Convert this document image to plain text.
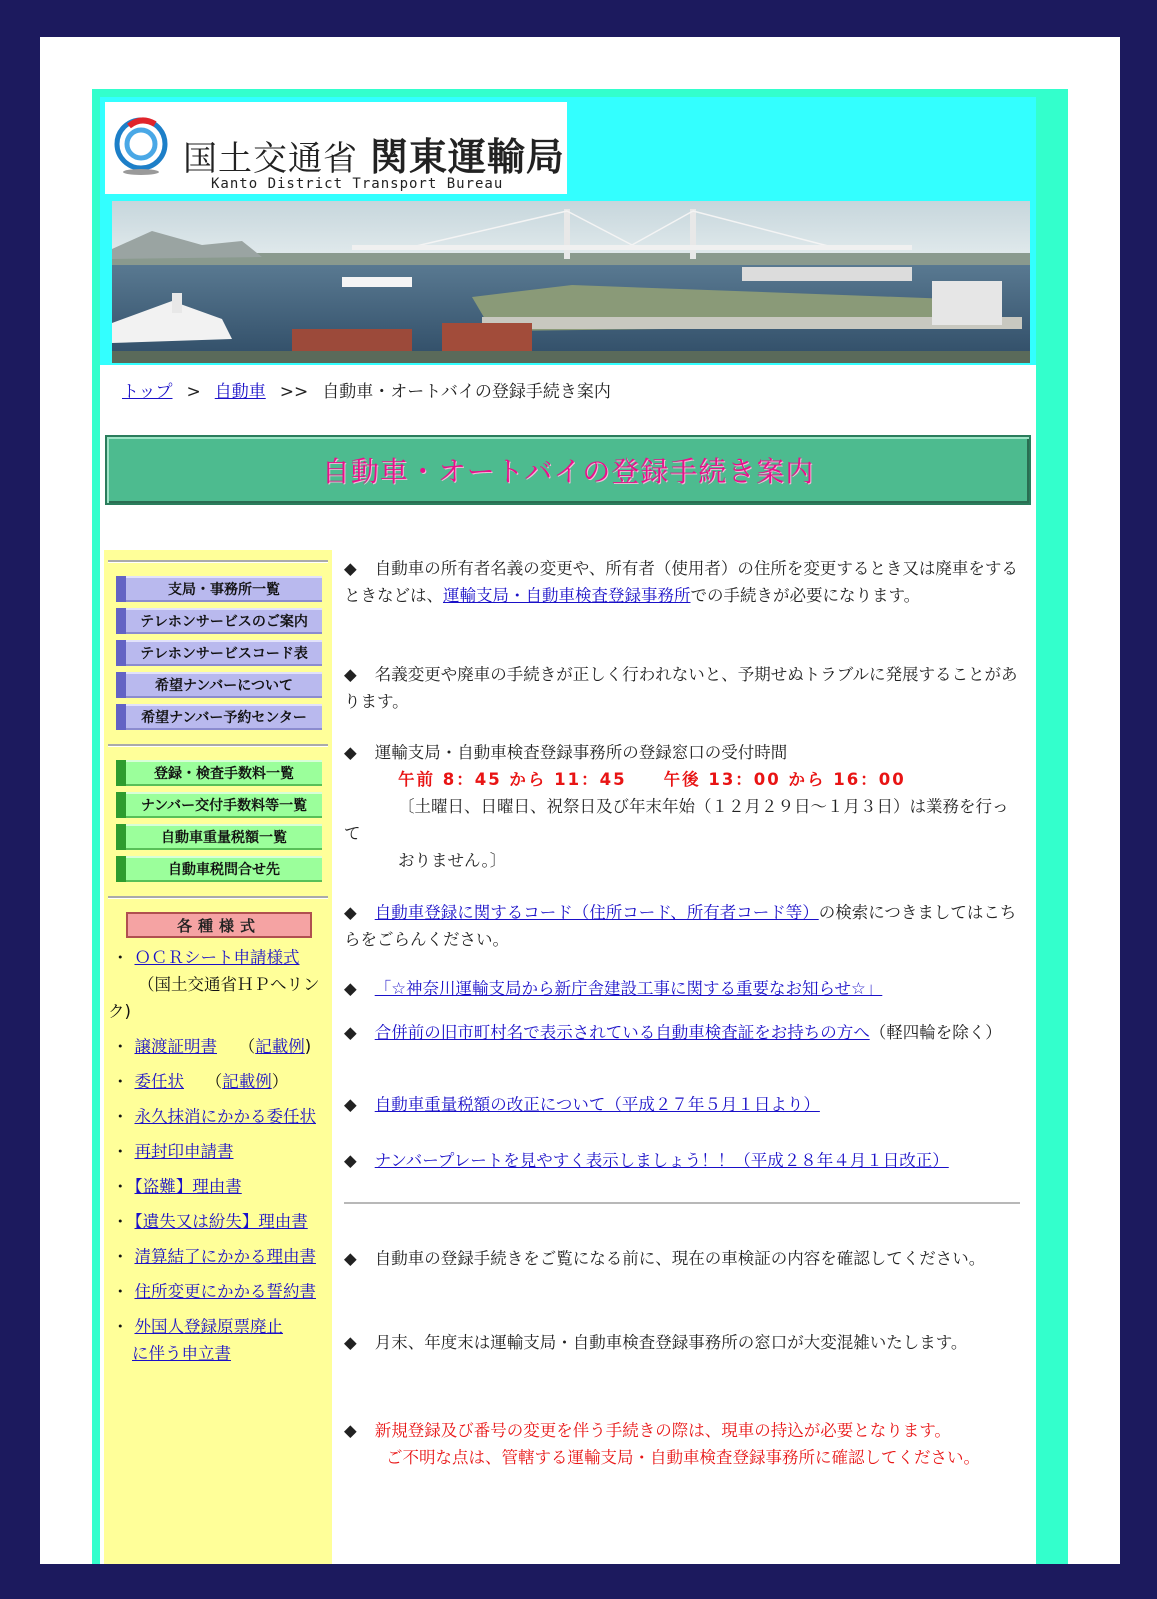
国土交通省 関東運輸局
Kanto District Transport Bureau
トップ > 自動車 >> 自動車・オートバイの登録手続き案内
自動車・オートバイの登録手続き案内
支局・事務所一覧
テレホンサービスのご案内
テレホンサービスコード表
希望ナンバーについて
希望ナンバー予約センター
登録・検査手数料一覧
ナンバー交付手数料等一覧
自動車重量税額一覧
自動車税問合せ先
各種様式
・ ＯＣＲシート申請様式
（国土交通省ＨＰへリンク)
・ 譲渡証明書　 （記載例)
・ 委任状　 （記載例）
・ 永久抹消にかかる委任状
・ 再封印申請書
・ 【盗難】理由書
・ 【遺失又は紛失】理由書
・ 清算結了にかかる理由書
・ 住所変更にかかる誓約書
・ 外国人登録原票廃止
に伴う申立書
◆ 自動車の所有者名義の変更や、所有者（使用者）の住所を変更するとき又は廃車をするときなどは、運輸支局・自動車検査登録事務所での手続きが必要になります。
◆ 名義変更や廃車の手続きが正しく行われないと、予期せぬトラブルに発展することがあります。
◆ 運輸支局・自動車検査登録事務所の登録窓口の受付時間
午前 8：45 から 11：45　　午後 13：00 から 16：00
〔土曜日、日曜日、祝祭日及び年末年始（１２月２９日～１月３日）は業務を行って
おりません。〕
◆ 自動車登録に関するコード（住所コード、所有者コード等）の検索につきましてはこちらをごらんください。
◆ 「☆神奈川運輸支局から新庁舎建設工事に関する重要なお知らせ☆」
◆ 合併前の旧市町村名で表示されている自動車検査証をお持ちの方へ（軽四輪を除く）
◆ 自動車重量税額の改正について（平成２７年５月１日より）
◆ ナンバープレートを見やすく表示しましょう！！（平成２８年４月１日改正）
◆ 自動車の登録手続きをご覧になる前に、現在の車検証の内容を確認してください。
◆ 月末、年度末は運輸支局・自動車検査登録事務所の窓口が大変混雑いたします。
◆ 新規登録及び番号の変更を伴う手続きの際は、現車の持込が必要となります。
ご不明な点は、管轄する運輸支局・自動車検査登録事務所に確認してください。
